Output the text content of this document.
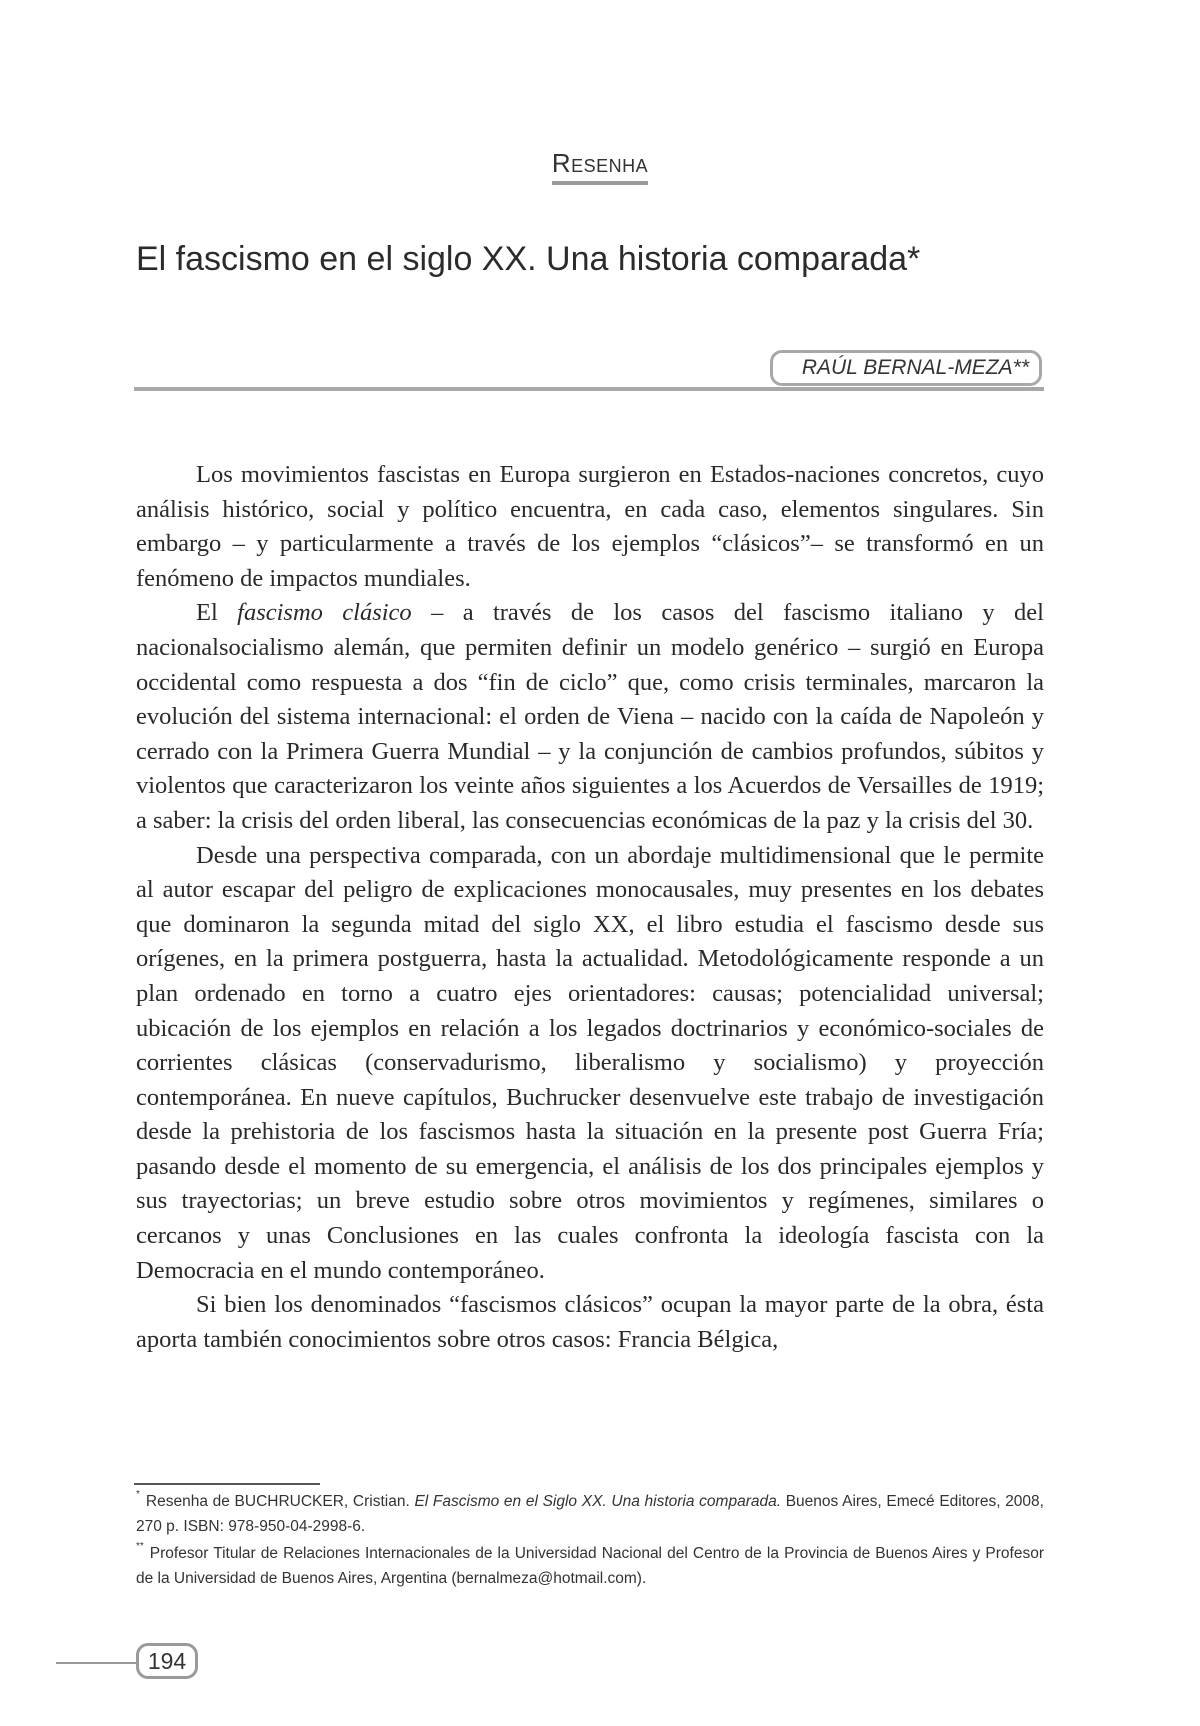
Resenha
El fascismo en el siglo XX. Una historia comparada*
RAÚL BERNAL-MEZA**

Los movimientos fascistas en Europa surgieron en Estados-naciones concretos, cuyo análisis histórico, social y político encuentra, en cada caso, elementos singulares. Sin embargo – y particularmente a través de los ejemplos “clásicos”– se transformó en un fenómeno de impactos mundiales.

El fascismo clásico – a través de los casos del fascismo italiano y del nacionalsocialismo alemán, que permiten definir un modelo genérico – surgió en Europa occidental como respuesta a dos “fin de ciclo” que, como crisis terminales, marcaron la evolución del sistema internacional: el orden de Viena – nacido con la caída de Napoleón y cerrado con la Primera Guerra Mundial – y la conjunción de cambios profundos, súbitos y violentos que caracterizaron los veinte años siguientes a los Acuerdos de Versailles de 1919; a saber: la crisis del orden liberal, las consecuencias económicas de la paz y la crisis del 30.

Desde una perspectiva comparada, con un abordaje multidimensional que le permite al autor escapar del peligro de explicaciones monocausales, muy presentes en los debates que dominaron la segunda mitad del siglo XX, el libro estudia el fascismo desde sus orígenes, en la primera postguerra, hasta la actualidad. Metodológicamente responde a un plan ordenado en torno a cuatro ejes orientadores: causas; potencialidad universal; ubicación de los ejemplos en relación a los legados doctrinarios y económico-sociales de corrientes clásicas (conservadurismo, liberalismo y socialismo) y proyección contemporánea. En nueve capítulos, Buchrucker desenvuelve este trabajo de investigación desde la prehistoria de los fascismos hasta la situación en la presente post Guerra Fría; pasando desde el momento de su emergencia, el análisis de los dos principales ejemplos y sus trayectorias; un breve estudio sobre otros movimientos y regímenes, similares o cercanos y unas Conclusiones en las cuales confronta la ideología fascista con la Democracia en el mundo contemporáneo.

Si bien los denominados “fascismos clásicos” ocupan la mayor parte de la obra, ésta aporta también conocimientos sobre otros casos: Francia Bélgica,

* Resenha de BUCHRUCKER, Cristian. El Fascismo en el Siglo XX. Una historia comparada. Buenos Aires, Emecé Editores, 2008, 270 p. ISBN: 978-950-04-2998-6.

** Profesor Titular de Relaciones Internacionales de la Universidad Nacional del Centro de la Provincia de Buenos Aires y Profesor de la Universidad de Buenos Aires, Argentina (bernalmeza@hotmail.com).

194
